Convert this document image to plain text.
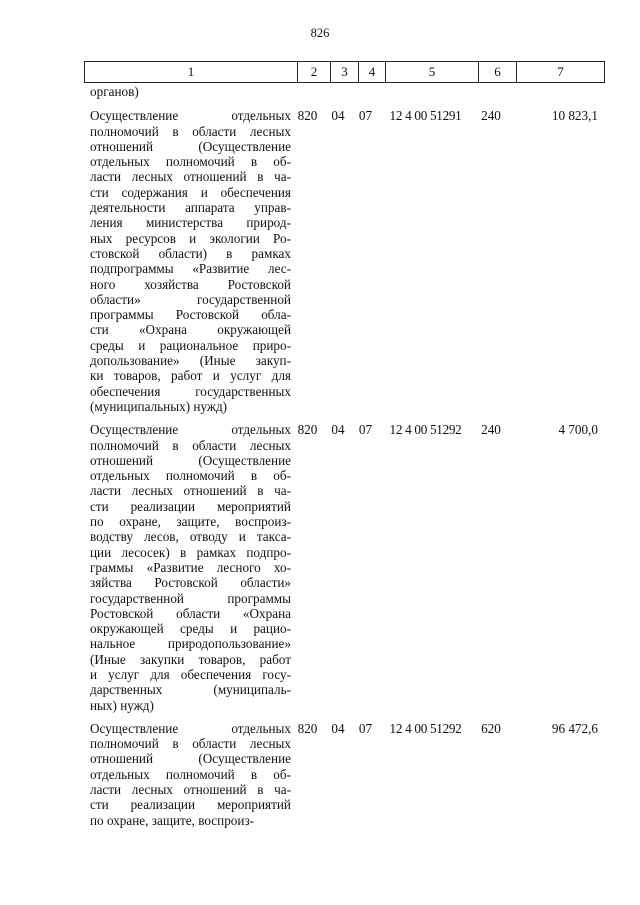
826
1	2	3	4	5	6	7
органов)
Осуществление отдельных
полномочий в области лесных
отношений (Осуществление
отдельных полномочий в об-
ласти лесных отношений в ча-
сти содержания и обеспечения
деятельности аппарата управ-
ления министерства природ-
ных ресурсов и экологии Ро-
стовской области) в рамках
подпрограммы «Развитие лес-
ного хозяйства Ростовской
области» государственной
программы Ростовской обла-
сти «Охрана окружающей
среды и рациональное приро-
допользование» (Иные закуп-
ки товаров, работ и услуг для
обеспечения государственных
(муниципальных) нужд)
820	04	07	12 4 00 51291	240	10 823,1
Осуществление отдельных
полномочий в области лесных
отношений (Осуществление
отдельных полномочий в об-
ласти лесных отношений в ча-
сти реализации мероприятий
по охране, защите, воспроиз-
водству лесов, отводу и такса-
ции лесосек) в рамках подпро-
граммы «Развитие лесного хо-
зяйства Ростовской области»
государственной программы
Ростовской области «Охрана
окружающей среды и рацио-
нальное природопользование»
(Иные закупки товаров, работ
и услуг для обеспечения госу-
дарственных (муниципаль-
ных) нужд)
820	04	07	12 4 00 51292	240	4 700,0
Осуществление отдельных
полномочий в области лесных
отношений (Осуществление
отдельных полномочий в об-
ласти лесных отношений в ча-
сти реализации мероприятий
по охране, защите, воспроиз-
820	04	07	12 4 00 51292	620	96 472,6
